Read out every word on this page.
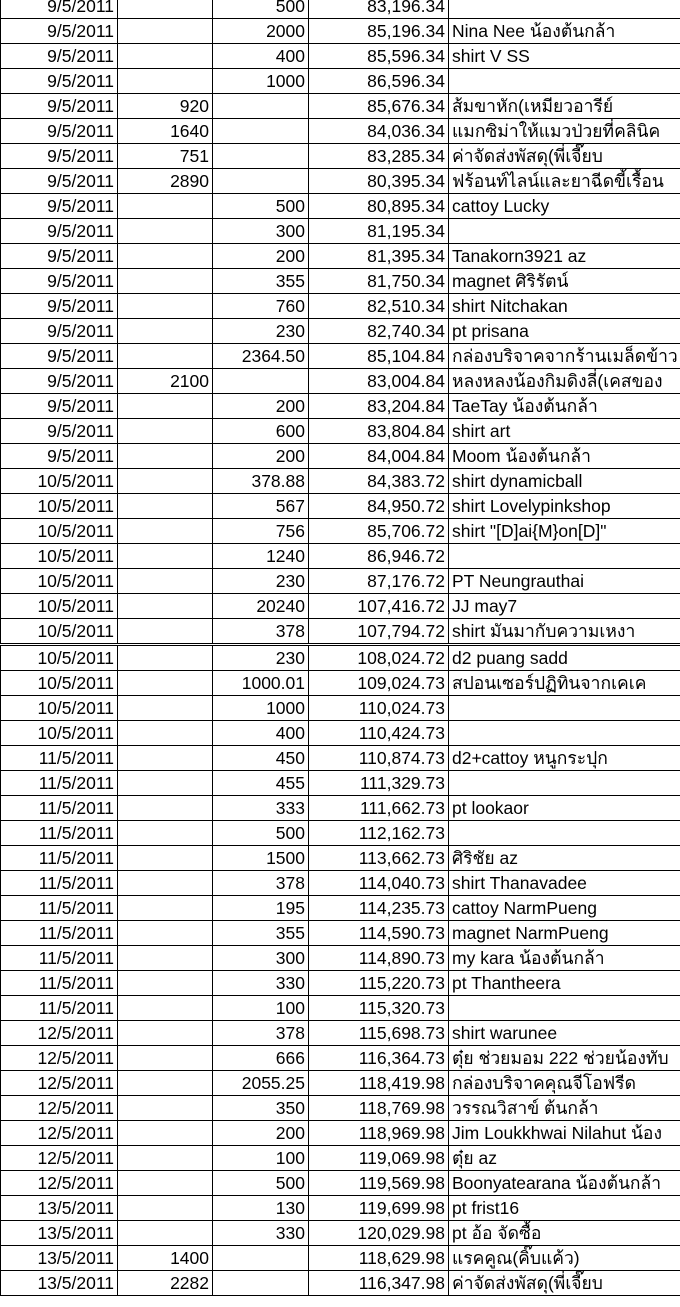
9/5/2011		500	83,196.34	
9/5/2011		2000	85,196.34	Nina Nee น้องต้นกล้า
9/5/2011		400	85,596.34	shirt V SS
9/5/2011		1000	86,596.34	
9/5/2011	920		85,676.34	ส้มขาหัก(เหมียวอารีย์
9/5/2011	1640		84,036.34	แมกซิม่าให้แมวป่วยที่คลินิค
9/5/2011	751		83,285.34	ค่าจัดส่งพัสดุ(พี่เจี๊ยบ
9/5/2011	2890		80,395.34	ฟร้อนท์ไลน์และยาฉีดขี้เรื้อน
9/5/2011		500	80,895.34	cattoy Lucky
9/5/2011		300	81,195.34	
9/5/2011		200	81,395.34	Tanakorn3921 az
9/5/2011		355	81,750.34	magnet ศิริรัตน์
9/5/2011		760	82,510.34	shirt Nitchakan
9/5/2011		230	82,740.34	pt prisana
9/5/2011		2364.50	85,104.84	กล่องบริจาคจากร้านเมล็ดข้าว
9/5/2011	2100		83,004.84	หลงหลงน้องกิมดิงลี่(เคสของ
9/5/2011		200	83,204.84	TaeTay น้องต้นกล้า
9/5/2011		600	83,804.84	shirt art
9/5/2011		200	84,004.84	Moom น้องต้นกล้า
10/5/2011		378.88	84,383.72	shirt dynamicball
10/5/2011		567	84,950.72	shirt Lovelypinkshop
10/5/2011		756	85,706.72	shirt "[D]ai{M}on[D]"
10/5/2011		1240	86,946.72	
10/5/2011		230	87,176.72	PT Neungrauthai
10/5/2011		20240	107,416.72	JJ may7
10/5/2011		378	107,794.72	shirt มันมากับความเหงา
10/5/2011		230	108,024.72	d2 puang sadd
10/5/2011		1000.01	109,024.73	สปอนเซอร์ปฏิทินจากเคเค
10/5/2011		1000	110,024.73	
10/5/2011		400	110,424.73	
11/5/2011		450	110,874.73	d2+cattoy หนูกระปุก
11/5/2011		455	111,329.73	
11/5/2011		333	111,662.73	pt lookaor
11/5/2011		500	112,162.73	
11/5/2011		1500	113,662.73	ศิริชัย az
11/5/2011		378	114,040.73	shirt Thanavadee
11/5/2011		195	114,235.73	cattoy NarmPueng
11/5/2011		355	114,590.73	magnet NarmPueng
11/5/2011		300	114,890.73	my kara น้องต้นกล้า
11/5/2011		330	115,220.73	pt Thantheera
11/5/2011		100	115,320.73	
12/5/2011		378	115,698.73	shirt warunee
12/5/2011		666	116,364.73	ตุ๋ย ช่วยมอม 222 ช่วยน้องทับ
12/5/2011		2055.25	118,419.98	กล่องบริจาคคุณจีโอฟรีด
12/5/2011		350	118,769.98	วรรณวิสาข์ ต้นกล้า
12/5/2011		200	118,969.98	Jim Loukkhwai Nilahut น้อง
12/5/2011		100	119,069.98	ตุ๋ย az
12/5/2011		500	119,569.98	Boonyatearana น้องต้นกล้า
13/5/2011		130	119,699.98	pt frist16
13/5/2011		330	120,029.98	pt อ้อ จัดซื้อ
13/5/2011	1400		118,629.98	แรคคูณ(คิ๊บแค้ว)
13/5/2011	2282		116,347.98	ค่าจัดส่งพัสดุ(พี่เจี๊ยบ
